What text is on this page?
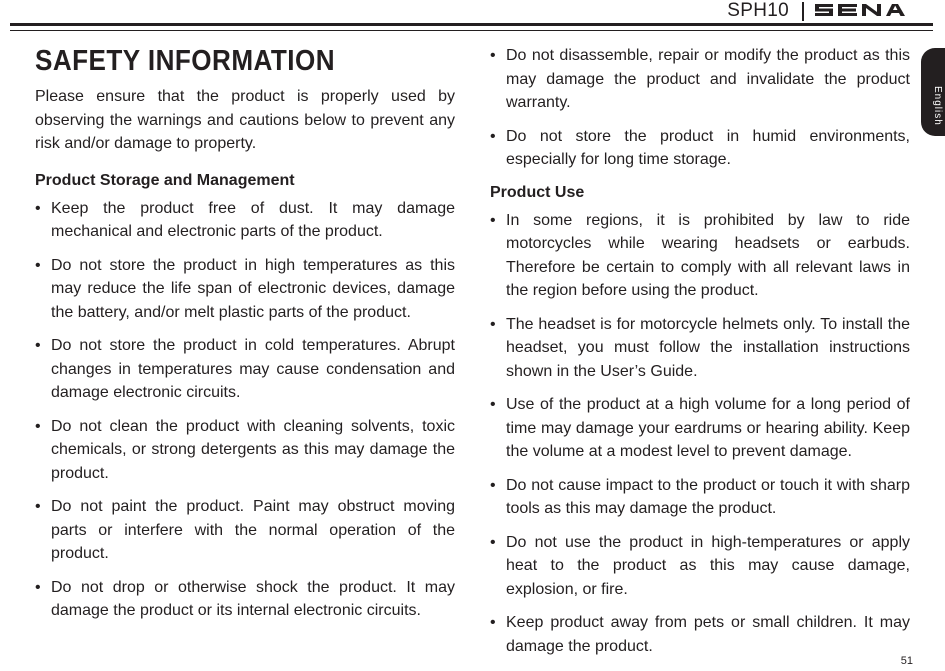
SPH10
English
SAFETY INFORMATION

Please ensure that the product is properly used by observing the warnings and cautions below to prevent any risk and/or damage to property.

Product Storage and Management
• Keep the product free of dust. It may damage mechanical and electronic parts of the product.
• Do not store the product in high temperatures as this may reduce the life span of electronic devices, damage the battery, and/or melt plastic parts of the product.
• Do not store the product in cold temperatures. Abrupt changes in temperatures may cause condensation and damage electronic circuits.
• Do not clean the product with cleaning solvents, toxic chemicals, or strong detergents as this may damage the product.
• Do not paint the product. Paint may obstruct moving parts or interfere with the normal operation of the product.
• Do not drop or otherwise shock the product. It may damage the product or its internal electronic circuits.
• Do not disassemble, repair or modify the product as this may damage the product and invalidate the product warranty.
• Do not store the product in humid environments, especially for long time storage.
Product Use
• In some regions, it is prohibited by law to ride motorcycles while wearing headsets or earbuds. Therefore be certain to comply with all relevant laws in the region before using the product.
• The headset is for motorcycle helmets only. To install the headset, you must follow the installation instructions shown in the User’s Guide.
• Use of the product at a high volume for a long period of time may damage your eardrums or hearing ability. Keep the volume at a modest level to prevent damage.
• Do not cause impact to the product or touch it with sharp tools as this may damage the product.
• Do not use the product in high-temperatures or apply heat to the product as this may cause damage, explosion, or fire.
• Keep product away from pets or small children. It may damage the product.
51
